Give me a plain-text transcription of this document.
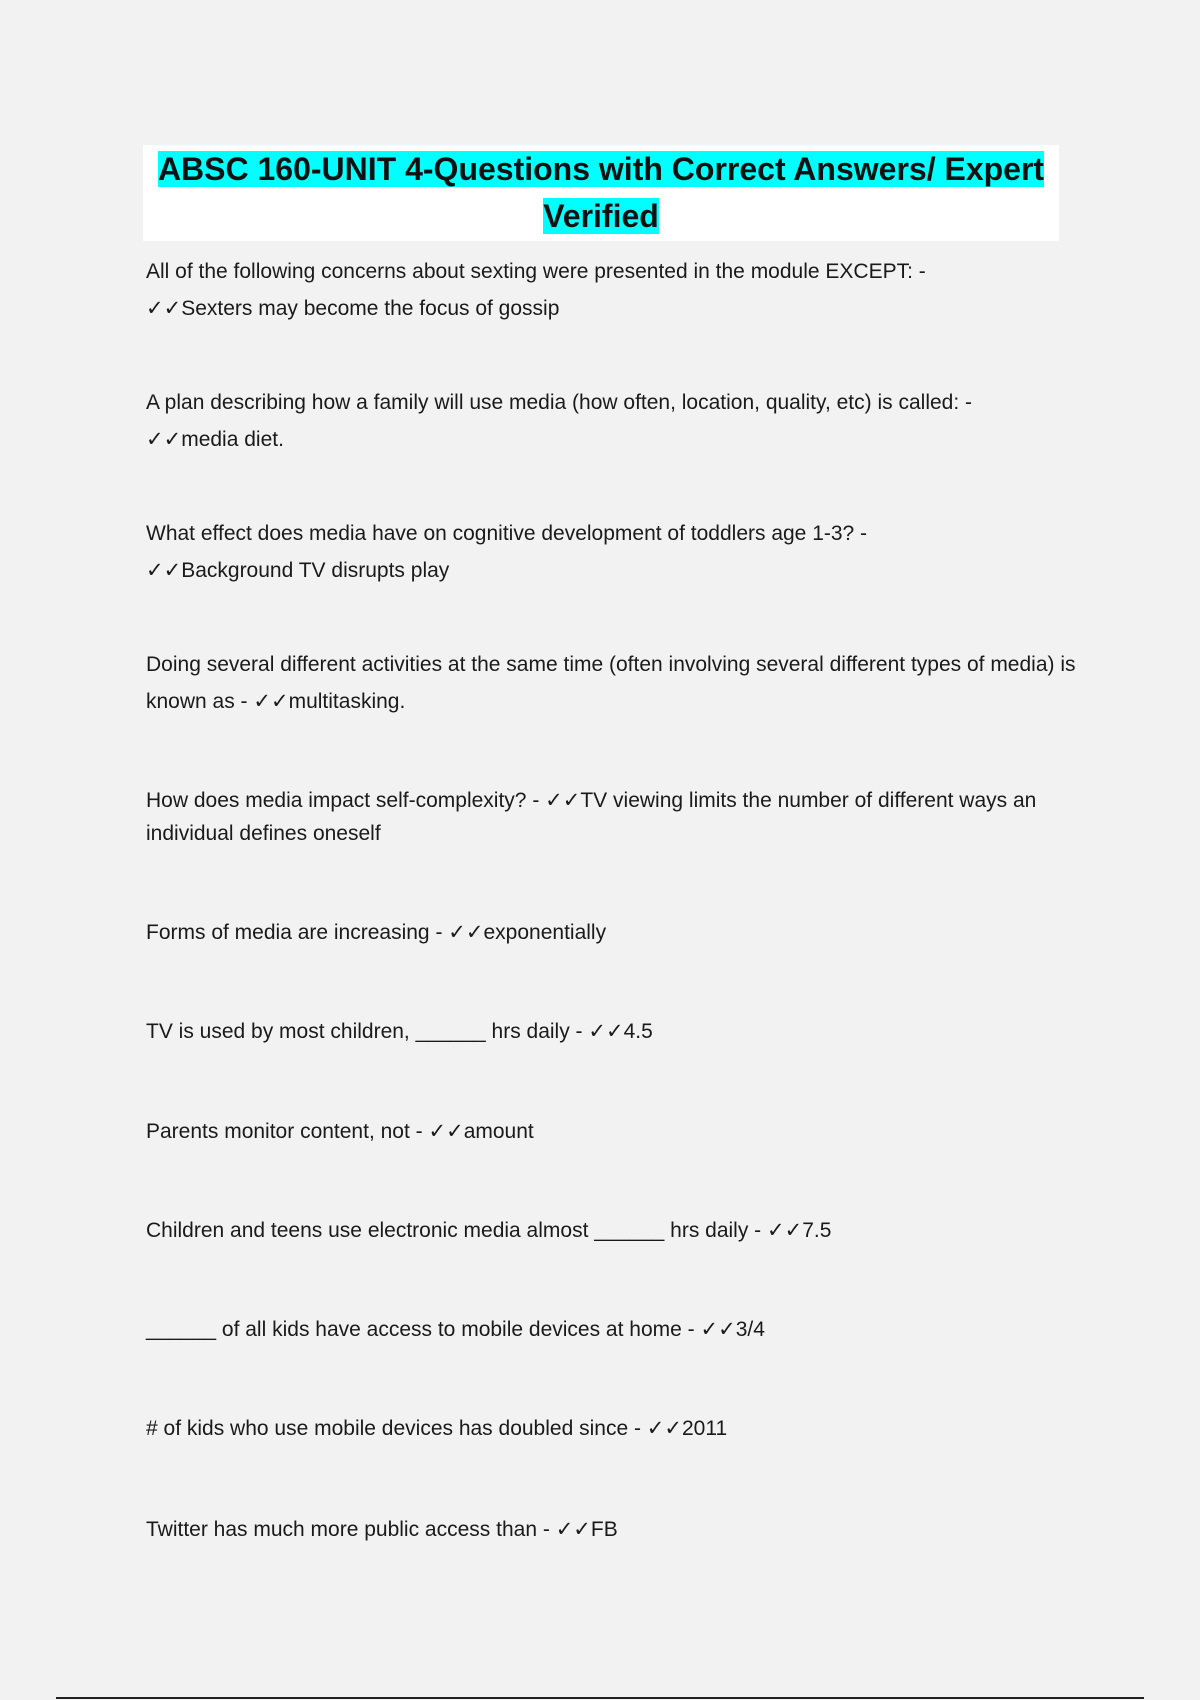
ABSC 160-UNIT 4-Questions with Correct Answers/ Expert
Verified
All of the following concerns about sexting were presented in the module EXCEPT: -
✓✓Sexters may become the focus of gossip
A plan describing how a family will use media (how often, location, quality, etc) is called: -
✓✓media diet.
What effect does media have on cognitive development of toddlers age 1-3? -
✓✓Background TV disrupts play
Doing several different activities at the same time (often involving several different types of media) is known as - ✓✓multitasking.
How does media impact self-complexity? - ✓✓TV viewing limits the number of different ways an individual defines oneself
Forms of media are increasing - ✓✓exponentially
TV is used by most children, ______ hrs daily - ✓✓4.5
Parents monitor content, not - ✓✓amount
Children and teens use electronic media almost ______ hrs daily - ✓✓7.5
______ of all kids have access to mobile devices at home - ✓✓3/4
# of kids who use mobile devices has doubled since - ✓✓2011
Twitter has much more public access than - ✓✓FB
